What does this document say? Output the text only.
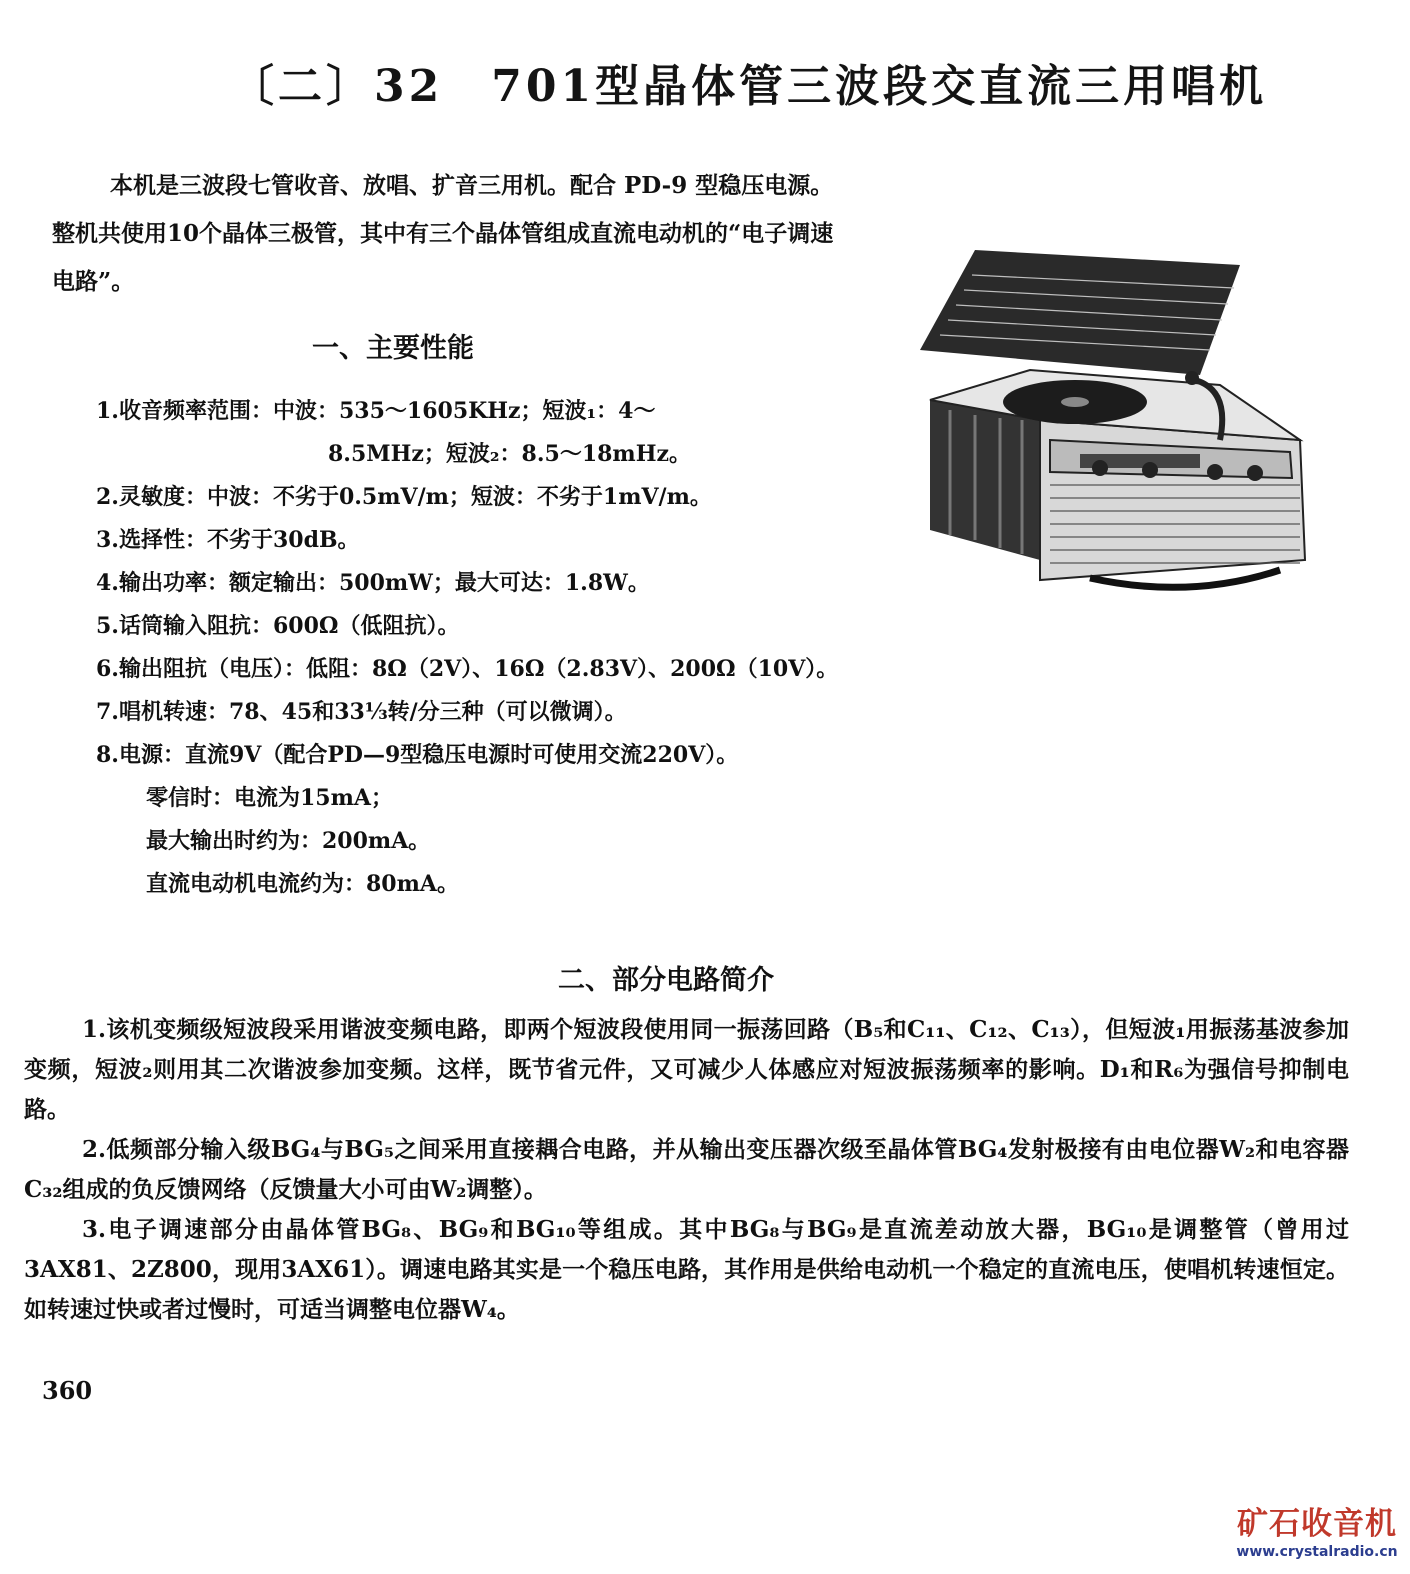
〔二〕32　701型晶体管三波段交直流三用唱机

本机是三波段七管收音、放唱、扩音三用机。配合 PD-9 型稳压电源。整机共使用10个晶体三极管，其中有三个晶体管组成直流电动机的“电子调速电路”。

一、主要性能
1.收音频率范围：中波：535～1605KHz；短波₁：4～
8.5MHz；短波₂：8.5～18mHz。
2.灵敏度：中波：不劣于0.5mV/m；短波：不劣于1mV/m。
3.选择性：不劣于30dB。
4.输出功率：额定输出：500mW；最大可达：1.8W。
5.话筒输入阻抗：600Ω（低阻抗）。
6.输出阻抗（电压）：低阻：8Ω（2V）、16Ω（2.83V）、200Ω（10V）。
7.唱机转速：78、45和33⅓转/分三种（可以微调）。
8.电源：直流9V（配合PD—9型稳压电源时可使用交流220V）。
零信时：电流为15mA；
最大输出时约为：200mA。
直流电动机电流约为：80mA。
二、部分电路简介

1.该机变频级短波段采用谐波变频电路，即两个短波段使用同一振荡回路（B₅和C₁₁、C₁₂、C₁₃），但短波₁用振荡基波参加变频，短波₂则用其二次谐波参加变频。这样，既节省元件，又可减少人体感应对短波振荡频率的影响。D₁和R₆为强信号抑制电路。

2.低频部分输入级BG₄与BG₅之间采用直接耦合电路，并从输出变压器次级至晶体管BG₄发射极接有由电位器W₂和电容器C₃₂组成的负反馈网络（反馈量大小可由W₂调整）。

3.电子调速部分由晶体管BG₈、BG₉和BG₁₀等组成。其中BG₈与BG₉是直流差动放大器，BG₁₀是调整管（曾用过3AX81、2Z800，现用3AX61）。调速电路其实是一个稳压电路，其作用是供给电动机一个稳定的直流电压，使唱机转速恒定。如转速过快或者过慢时，可适当调整电位器W₄。

360
矿石收音机
www.crystalradio.cn
